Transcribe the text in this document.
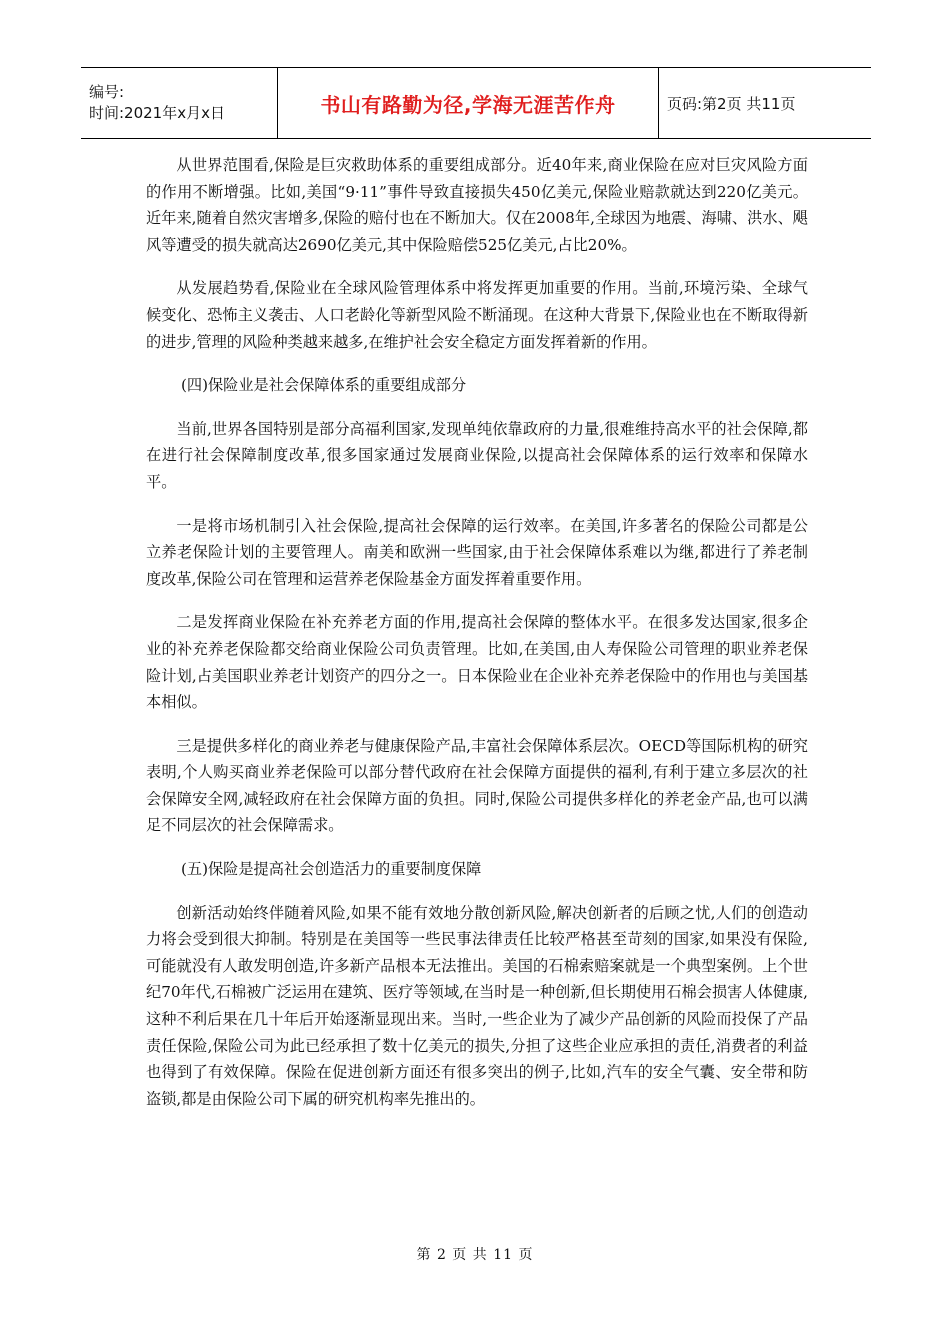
编号:
时间:2021年x月x日	书山有路勤为径,学海无涯苦作舟	页码:第2页 共11页

从世界范围看,保险是巨灾救助体系的重要组成部分。近40年来,商业保险在应对巨灾风险方面的作用不断增强。比如,美国“9·11”事件导致直接损失450亿美元,保险业赔款就达到220亿美元。近年来,随着自然灾害增多,保险的赔付也在不断加大。仅在2008年,全球因为地震、海啸、洪水、飓风等遭受的损失就高达2690亿美元,其中保险赔偿525亿美元,占比20%。

从发展趋势看,保险业在全球风险管理体系中将发挥更加重要的作用。当前,环境污染、全球气候变化、恐怖主义袭击、人口老龄化等新型风险不断涌现。在这种大背景下,保险业也在不断取得新的进步,管理的风险种类越来越多,在维护社会安全稳定方面发挥着新的作用。

(四)保险业是社会保障体系的重要组成部分

当前,世界各国特别是部分高福利国家,发现单纯依靠政府的力量,很难维持高水平的社会保障,都在进行社会保障制度改革,很多国家通过发展商业保险,以提高社会保障体系的运行效率和保障水平。

一是将市场机制引入社会保险,提高社会保障的运行效率。在美国,许多著名的保险公司都是公立养老保险计划的主要管理人。南美和欧洲一些国家,由于社会保障体系难以为继,都进行了养老制度改革,保险公司在管理和运营养老保险基金方面发挥着重要作用。

二是发挥商业保险在补充养老方面的作用,提高社会保障的整体水平。在很多发达国家,很多企业的补充养老保险都交给商业保险公司负责管理。比如,在美国,由人寿保险公司管理的职业养老保险计划,占美国职业养老计划资产的四分之一。日本保险业在企业补充养老保险中的作用也与美国基本相似。

三是提供多样化的商业养老与健康保险产品,丰富社会保障体系层次。OECD等国际机构的研究表明,个人购买商业养老保险可以部分替代政府在社会保障方面提供的福利,有利于建立多层次的社会保障安全网,减轻政府在社会保障方面的负担。同时,保险公司提供多样化的养老金产品,也可以满足不同层次的社会保障需求。

(五)保险是提高社会创造活力的重要制度保障

创新活动始终伴随着风险,如果不能有效地分散创新风险,解决创新者的后顾之忧,人们的创造动力将会受到很大抑制。特别是在美国等一些民事法律责任比较严格甚至苛刻的国家,如果没有保险,可能就没有人敢发明创造,许多新产品根本无法推出。美国的石棉索赔案就是一个典型案例。上个世纪70年代,石棉被广泛运用在建筑、医疗等领域,在当时是一种创新,但长期使用石棉会损害人体健康,这种不利后果在几十年后开始逐渐显现出来。当时,一些企业为了减少产品创新的风险而投保了产品责任保险,保险公司为此已经承担了数十亿美元的损失,分担了这些企业应承担的责任,消费者的利益也得到了有效保障。保险在促进创新方面还有很多突出的例子,比如,汽车的安全气囊、安全带和防盗锁,都是由保险公司下属的研究机构率先推出的。

第 2 页 共 11 页
